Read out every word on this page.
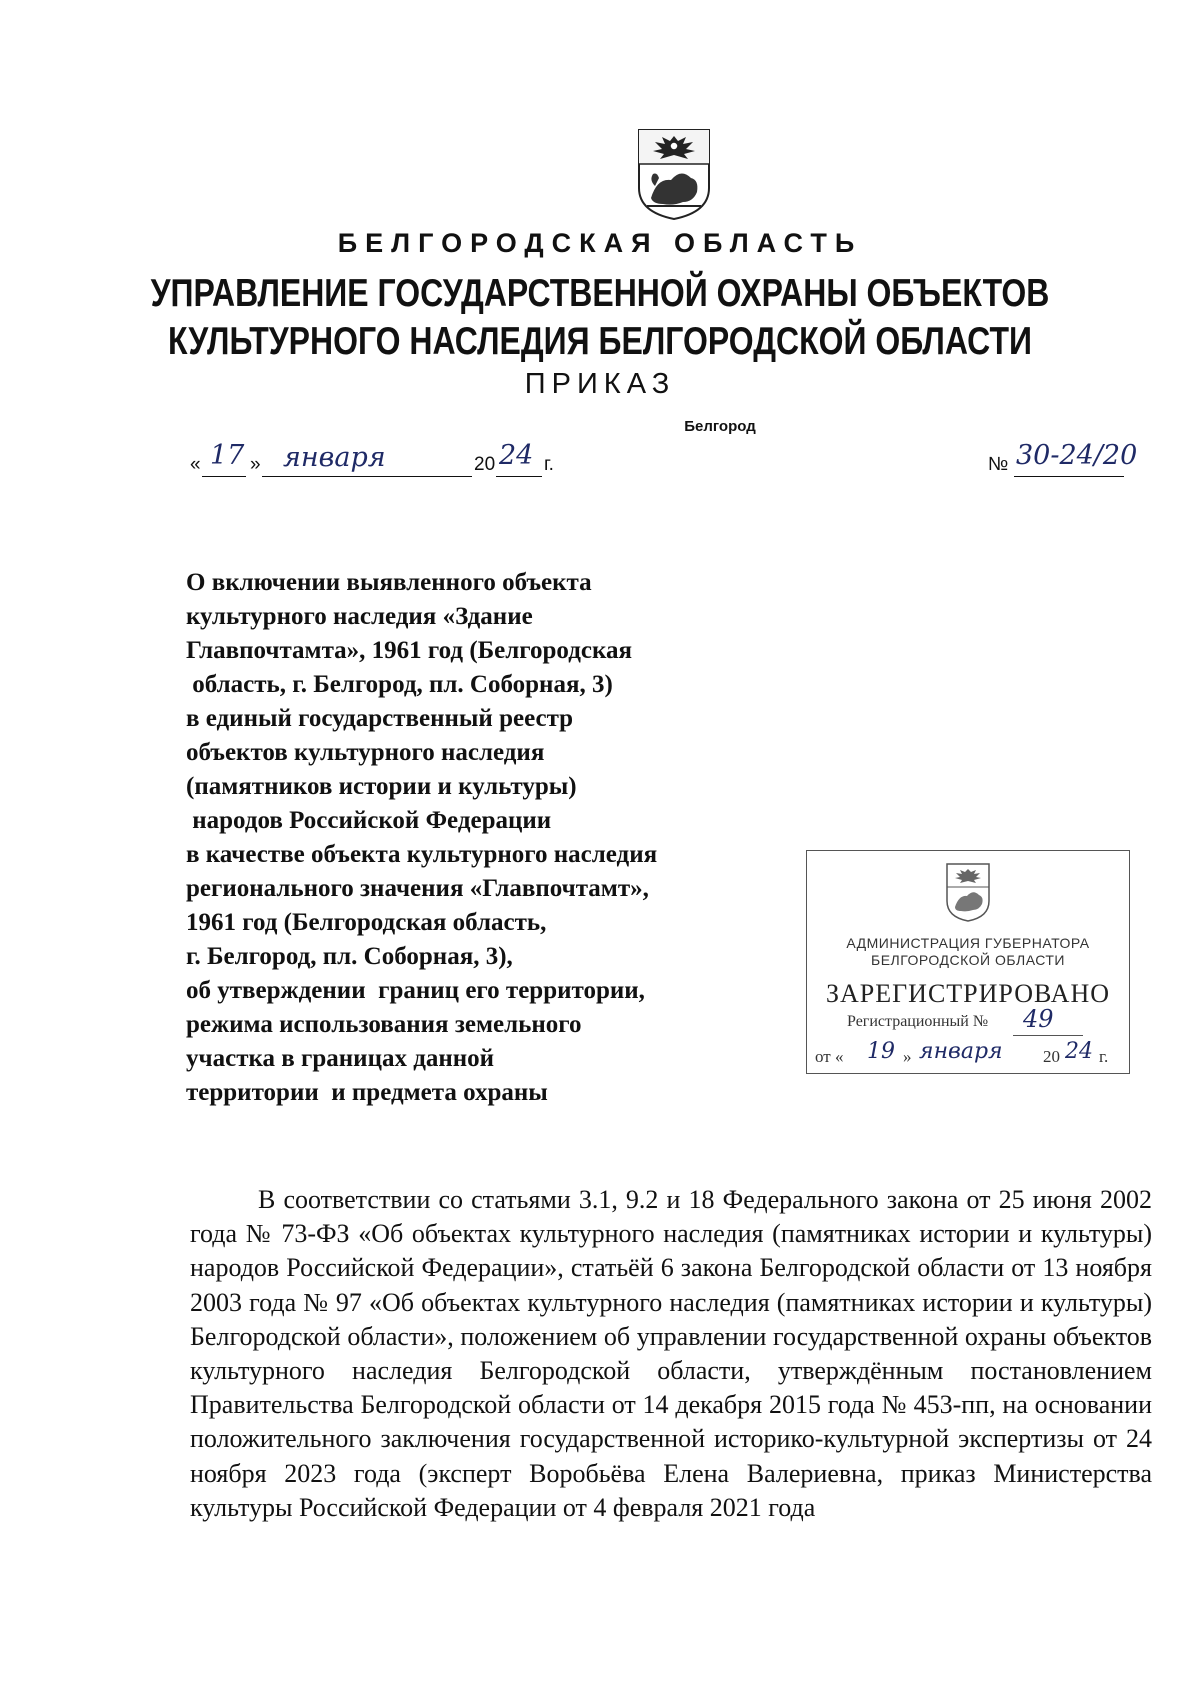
БЕЛГОРОДСКАЯ ОБЛАСТЬ
УПРАВЛЕНИЕ ГОСУДАРСТВЕННОЙ ОХРАНЫ ОБЪЕКТОВ
КУЛЬТУРНОГО НАСЛЕДИЯ БЕЛГОРОДСКОЙ ОБЛАСТИ
ПРИКАЗ
Белгород
« 17 » января	20 24 г.	№ 30-24/20
О включении выявленного объекта
культурного наследия «Здание
Главпочтамта», 1961 год (Белгородская
область, г. Белгород, пл. Соборная, 3)
в единый государственный реестр
объектов культурного наследия
(памятников истории и культуры)
народов Российской Федерации
в качестве объекта культурного наследия
регионального значения «Главпочтамт»,
1961 год (Белгородская область,
г. Белгород, пл. Соборная, 3),
об утверждении  границ его территории,
режима использования земельного
участка в границах данной
территории  и предмета охраны
АДМИНИСТРАЦИЯ ГУБЕРНАТОРА
БЕЛГОРОДСКОЙ ОБЛАСТИ
ЗАРЕГИСТРИРОВАНО
Регистрационный № 49
от « 19 » января 20 24 г.

В соответствии со статьями 3.1, 9.2 и 18 Федерального закона от 25 июня 2002 года № 73-ФЗ «Об объектах культурного наследия (памятниках истории и культуры) народов Российской Федерации», статьёй 6 закона Белгородской области от 13 ноября 2003 года № 97 «Об объектах культурного наследия (памятниках истории и культуры) Белгородской области», положением об управлении государственной охраны объектов культурного наследия Белгородской области, утверждённым постановлением Правительства Белгородской области от 14 декабря 2015 года № 453-пп, на основании положительного заключения государственной историко-культурной экспертизы от 24 ноября 2023 года (эксперт Воробьёва Елена Валериевна, приказ Министерства культуры Российской Федерации от 4 февраля 2021 года
